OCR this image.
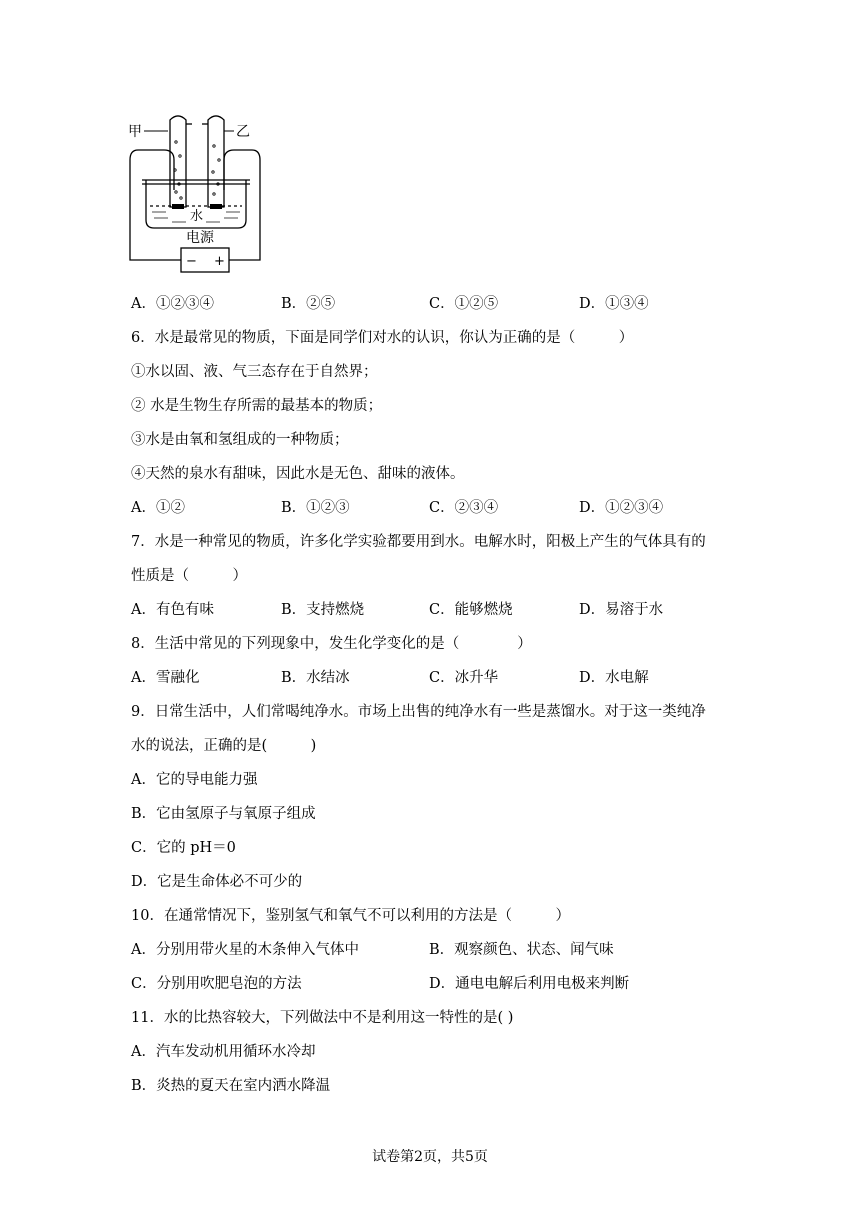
甲	乙
水
电源
− +
A．①②③④	B．②⑤	C．①②⑤	D．①③④
6．水是最常见的物质，下面是同学们对水的认识，你认为正确的是（　　　）
①水以固、液、气三态存在于自然界；
② 水是生物生存所需的最基本的物质；
③水是由氧和氢组成的一种物质；
④天然的泉水有甜味，因此水是无色、甜味的液体。
A．①②	B．①②③	C．②③④	D．①②③④
7．水是一种常见的物质，许多化学实验都要用到水。电解水时，阳极上产生的气体具有的
性质是（　　　）
A．有色有味	B．支持燃烧	C．能够燃烧	D．易溶于水
8．生活中常见的下列现象中，发生化学变化的是（　　　　）
A．雪融化	B．水结冰	C．冰升华	D．水电解
9．日常生活中，人们常喝纯净水。市场上出售的纯净水有一些是蒸馏水。对于这一类纯净
水的说法，正确的是(　　　)
A．它的导电能力强
B．它由氢原子与氧原子组成
C．它的 pH＝0
D．它是生命体必不可少的
10．在通常情况下，鉴别氢气和氧气不可以利用的方法是（　　　）
A．分别用带火星的木条伸入气体中	B．观察颜色、状态、闻气味
C．分别用吹肥皂泡的方法	D．通电电解后利用电极来判断
11．水的比热容较大，下列做法中不是利用这一特性的是( )
A．汽车发动机用循环水冷却
B．炎热的夏天在室内洒水降温
试卷第2页，共5页
